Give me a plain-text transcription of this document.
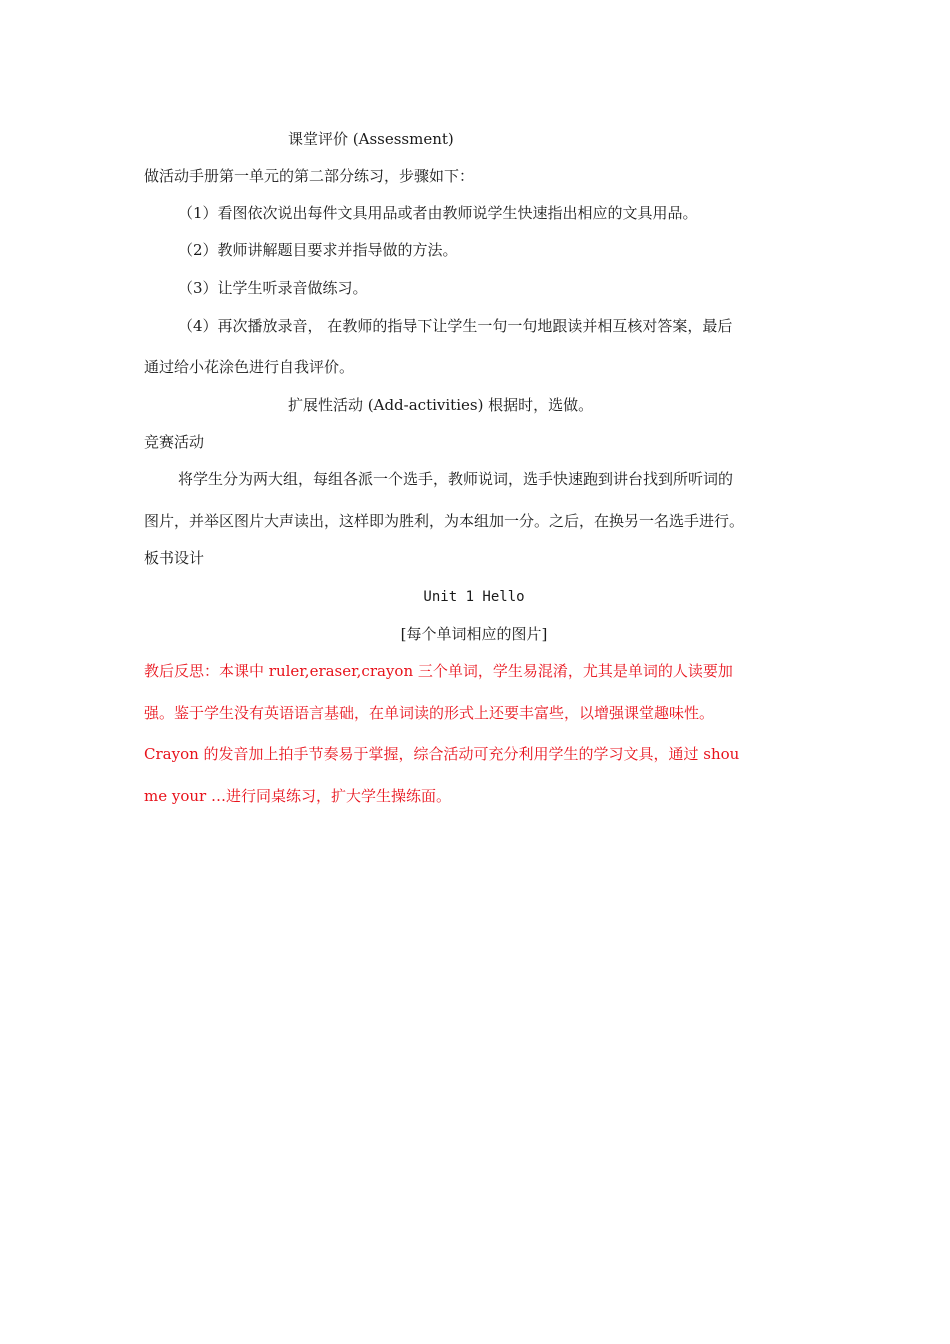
课堂评价 (Assessment)
做活动手册第一单元的第二部分练习，步骤如下：
（1）看图依次说出每件文具用品或者由教师说学生快速指出相应的文具用品。
（2）教师讲解题目要求并指导做的方法。
（3）让学生听录音做练习。
（4）再次播放录音， 在教师的指导下让学生一句一句地跟读并相互核对答案，最后
通过给小花涂色进行自我评价。
扩展性活动 (Add-activities) 根据时，选做。
竞赛活动
将学生分为两大组，每组各派一个选手，教师说词，选手快速跑到讲台找到所听词的
图片，并举区图片大声读出，这样即为胜利，为本组加一分。之后，在换另一名选手进行。
板书设计
Unit 1 Hello
[每个单词相应的图片]
教后反思：本课中 ruler,eraser,crayon 三个单词，学生易混淆，尤其是单词的人读要加
强。鉴于学生没有英语语言基础，在单词读的形式上还要丰富些，以增强课堂趣味性。
Crayon 的发音加上拍手节奏易于掌握，综合活动可充分利用学生的学习文具，通过 shou
me your …进行同桌练习，扩大学生操练面。
